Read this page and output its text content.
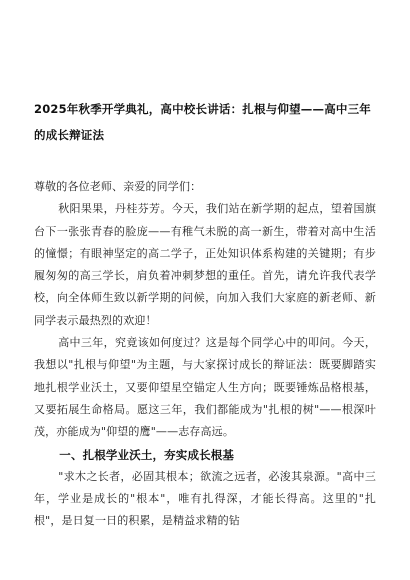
2025年秋季开学典礼，高中校长讲话：扎根与仰望——高中三年的成长辩证法

尊敬的各位老师、亲爱的同学们：

秋阳果果，丹桂芬芳。今天，我们站在新学期的起点，望着国旗台下一张张青春的脸庞——有稚气未脱的高一新生，带着对高中生活的憧憬；有眼神坚定的高二学子，正处知识体系构建的关键期；有步履匆匆的高三学长，肩负着冲刺梦想的重任。首先，请允许我代表学校，向全体师生致以新学期的问候，向加入我们大家庭的新老师、新同学表示最热烈的欢迎！

高中三年，究竟该如何度过？这是每个同学心中的叩问。今天，我想以"扎根与仰望"为主题，与大家探讨成长的辩证法：既要脚踏实地扎根学业沃土，又要仰望星空锚定人生方向；既要锤炼品格根基，又要拓展生命格局。愿这三年，我们都能成为"扎根的树"——根深叶茂，亦能成为"仰望的鹰"——志存高远。

一、扎根学业沃土，夯实成长根基

"求木之长者，必固其根本；欲流之远者，必浚其泉源。"高中三年，学业是成长的"根本"，唯有扎得深，才能长得高。这里的"扎根"，是日复一日的积累，是精益求精的钻
